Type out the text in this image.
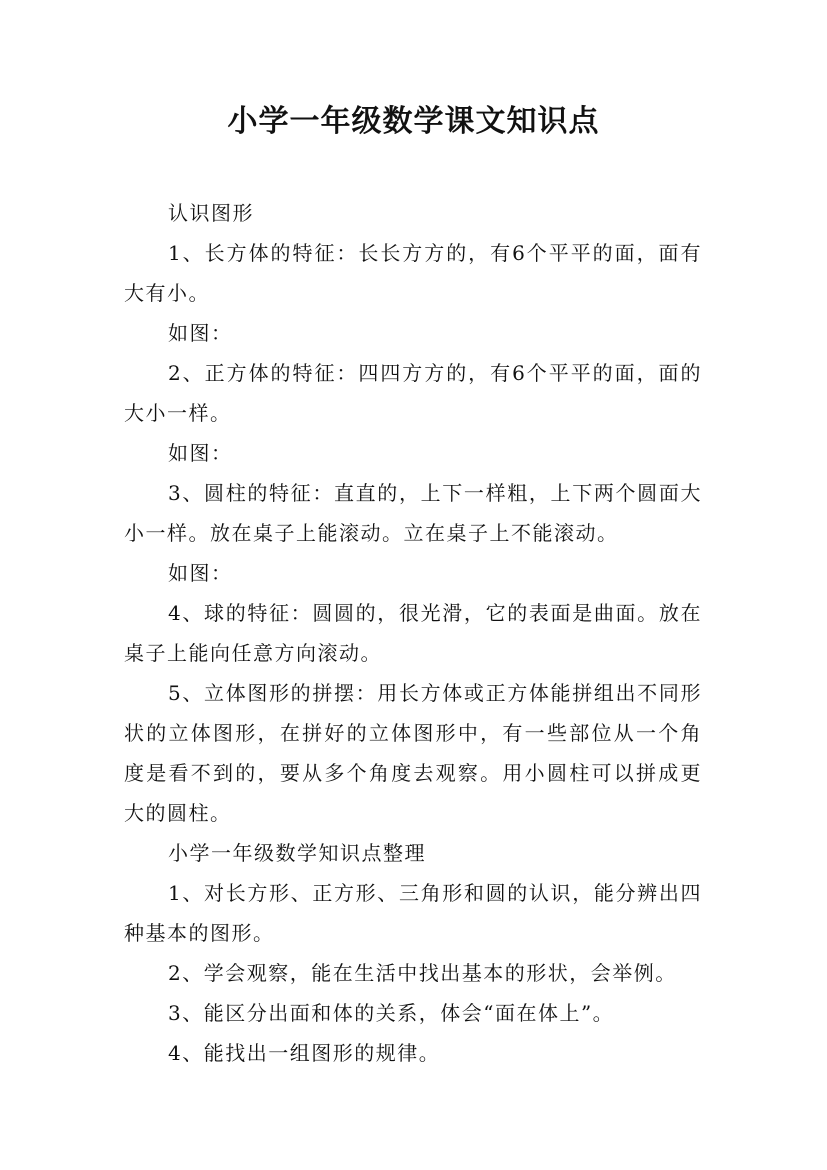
小学一年级数学课文知识点

认识图形

1、长方体的特征：长长方方的，有6个平平的面，面有大有小。

如图：

2、正方体的特征：四四方方的，有6个平平的面，面的大小一样。

如图：

3、圆柱的特征：直直的，上下一样粗，上下两个圆面大小一样。放在桌子上能滚动。立在桌子上不能滚动。

如图：

4、球的特征：圆圆的，很光滑，它的表面是曲面。放在桌子上能向任意方向滚动。

5、立体图形的拼摆：用长方体或正方体能拼组出不同形状的立体图形，在拼好的立体图形中，有一些部位从一个角度是看不到的，要从多个角度去观察。用小圆柱可以拼成更大的圆柱。

小学一年级数学知识点整理

1、对长方形、正方形、三角形和圆的认识，能分辨出四种基本的图形。

2、学会观察，能在生活中找出基本的形状，会举例。

3、能区分出面和体的关系，体会“面在体上”。

4、能找出一组图形的规律。
